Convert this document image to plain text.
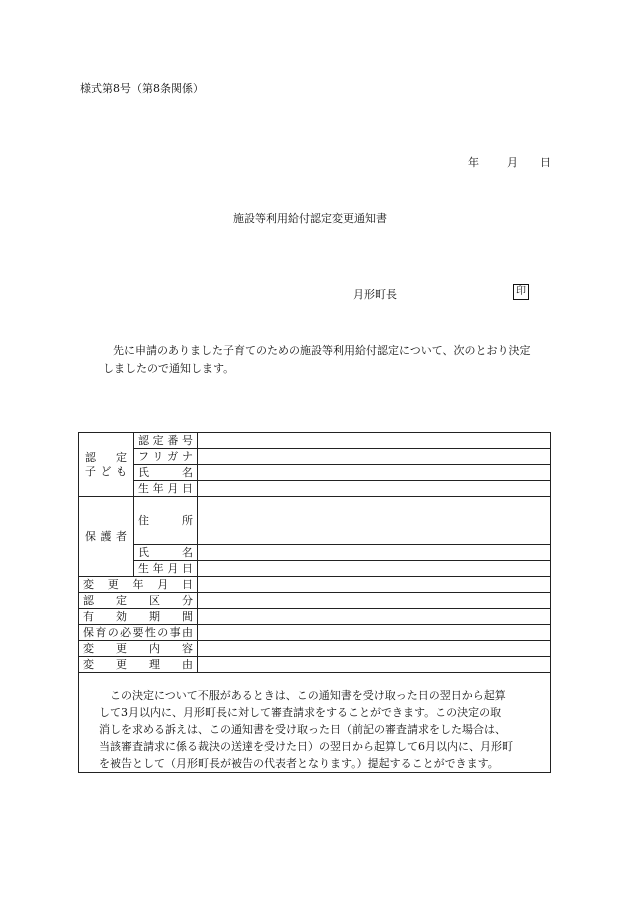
様式第8号（第8条関係）
年	月 日
施設等利用給付認定変更通知書
月形町長	印
先に申請のありました子育てのための施設等利用給付認定について、次のとおり決定
しましたので通知します。
認　定
子ども	認定番号	
	フリガナ	
	氏　名	
	生年月日	
保護者	住　所	
	氏　名	
	生年月日	
変更年月日		
認定区分		
有効期間		
保育の必要性の事由		
変更内容		
変更理由		

　この決定について不服があるときは、この通知書を受け取った日の翌日から起算
して3月以内に、月形町長に対して審査請求をすることができます。この決定の取
消しを求める訴えは、この通知書を受け取った日（前記の審査請求をした場合は、
当該審査請求に係る裁決の送達を受けた日）の翌日から起算して6月以内に、月形町
を被告として（月形町長が被告の代表者となります。）提起することができます。		
